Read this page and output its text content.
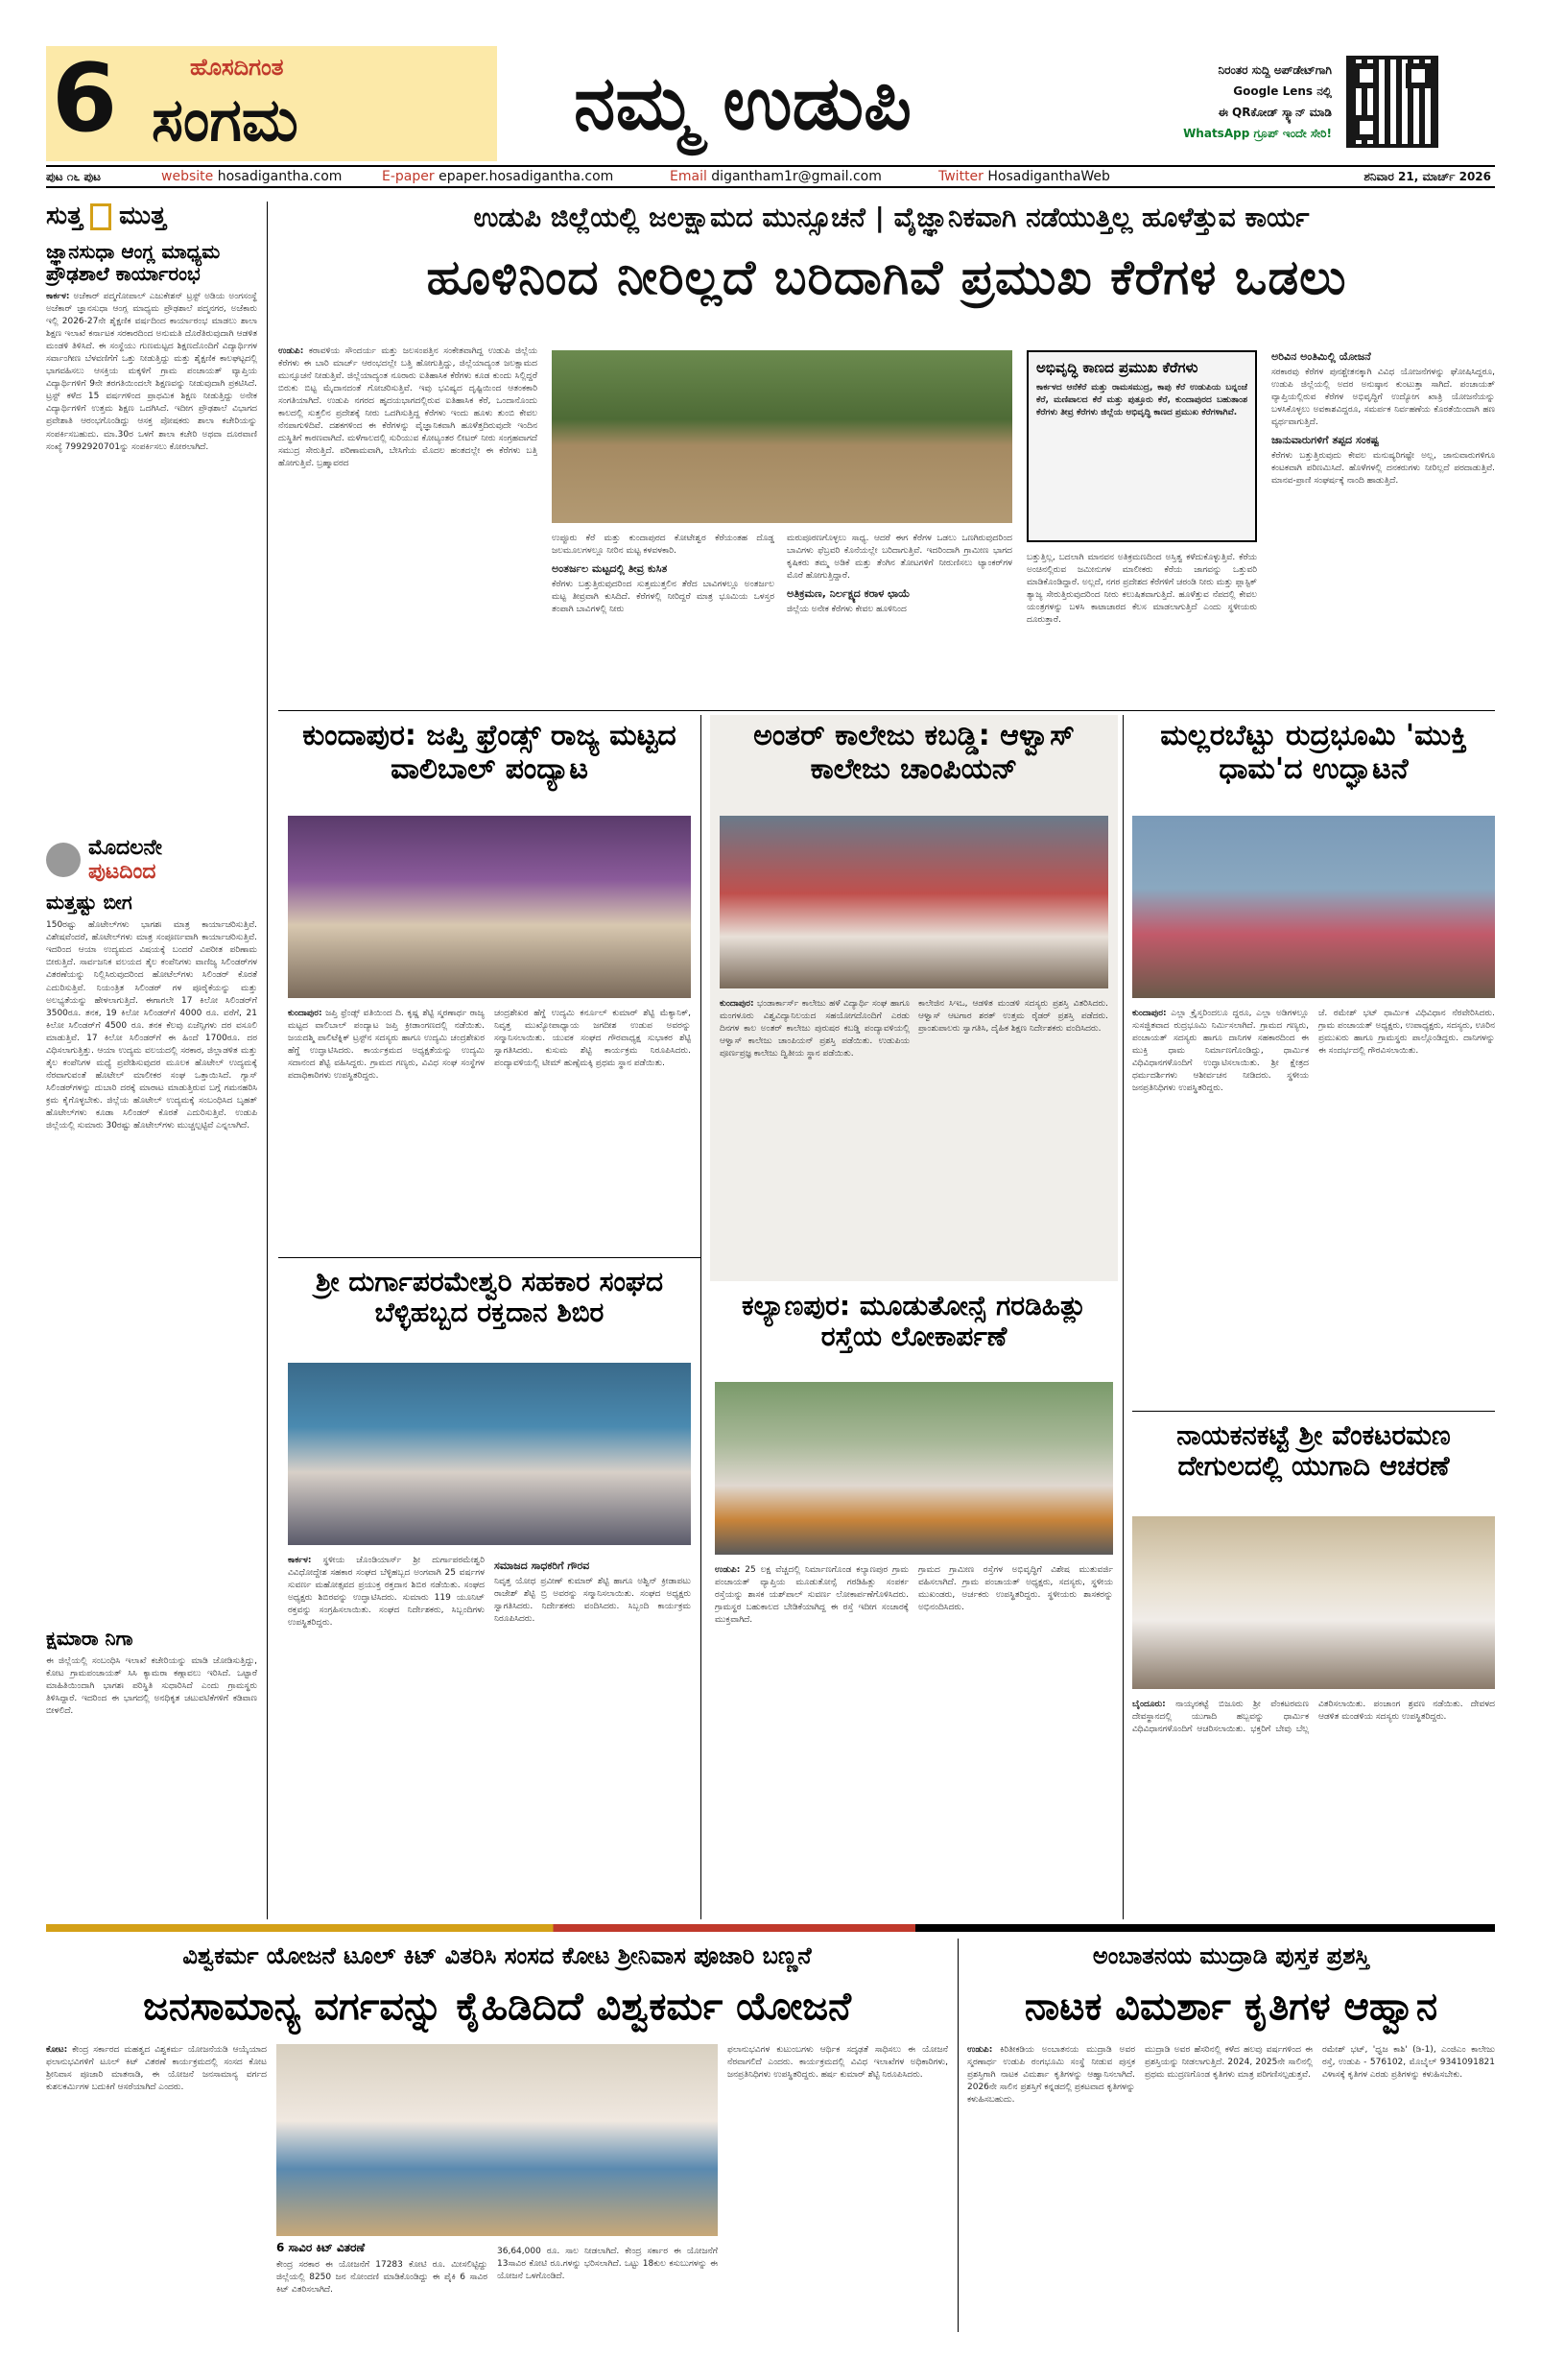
6	ಹೊಸದಿಗಂತ
ಸಂಗಮ	ನಮ್ಮ ಉಡುಪಿ	ನಿರಂತರ ಸುದ್ದಿ ಅಪ್‌ಡೇಟ್‌ಗಾಗಿ
Google Lens ನಲ್ಲಿ
ಈ QRಕೋಡ್ ಸ್ಕ್ಯಾನ್ ಮಾಡಿ
WhatsApp ಗ್ರೂಪ್ ಇಂದೇ ಸೇರಿ!
ಪುಟ ೧೬ ಪುಟ	website hosadigantha.com	E-paper epaper.hosadigantha.com	Email digantham1r@gmail.com	Twitter HosadiganthaWeb	ಶನಿವಾರ 21, ಮಾರ್ಚ್ 2026
ಸುತ್ತ ಮುತ್ತ
ಜ್ಞಾನಸುಧಾ ಆಂಗ್ಲ ಮಾಧ್ಯಮ ಪ್ರೌಢಶಾಲೆ ಕಾರ್ಯಾರಂಭ
ಕಾರ್ಕಳ: ಅಜೆಕಾರ್ ಪದ್ಮಗೋಪಾಲ್ ಎಜುಕೇಶನ್ ಟ್ರಸ್ಟ್ ಅಡಿಯ ಅಂಗಸಂಸ್ಥೆ ಅಜೆಕಾರ್ ಜ್ಞಾನಸುಧಾ ಆಂಗ್ಲ ಮಾಧ್ಯಮ ಪ್ರೌಢಶಾಲೆ ಪದ್ಮನಗರ, ಅಜೆಕಾರು ಇಲ್ಲಿ 2026-27ನೇ ಶೈಕ್ಷಣಿಕ ವರ್ಷದಿಂದ ಕಾರ್ಯಾರಂಭ ಮಾಡಲು ಶಾಲಾ ಶಿಕ್ಷಣ ಇಲಾಖೆ ಕರ್ನಾಟಕ ಸರಕಾರದಿಂದ ಅನುಮತಿ ದೊರೆತಿರುವುದಾಗಿ ಆಡಳಿತ ಮಂಡಳಿ ತಿಳಿಸಿದೆ. ಈ ಸಂಸ್ಥೆಯು ಗುಣಮಟ್ಟದ ಶಿಕ್ಷಣದೊಂದಿಗೆ ವಿದ್ಯಾರ್ಥಿಗಳ ಸರ್ವಾಂಗೀಣ ಬೆಳವಣಿಗೆಗೆ ಒತ್ತು ನೀಡುತ್ತಿದ್ದು ಮತ್ತು ಶೈಕ್ಷಣಿಕ ಕಾಲಘಟ್ಟದಲ್ಲಿ ಭಾಗವಹಿಸಲು ಆಸಕ್ತಿಯ ಮಕ್ಕಳಿಗೆ ಗ್ರಾಮ ಪಂಚಾಯತ್ ವ್ಯಾಪ್ತಿಯ ವಿದ್ಯಾರ್ಥಿಗಳಿಗೆ 9ನೇ ತರಗತಿಯಿಂದಲೇ ಶಿಕ್ಷಣವನ್ನು ನೀಡುವುದಾಗಿ ಪ್ರಕಟಿಸಿದೆ. ಟ್ರಸ್ಟ್ ಕಳೆದ 15 ವರ್ಷಗಳಿಂದ ಪ್ರಾಥಮಿಕ ಶಿಕ್ಷಣ ನೀಡುತ್ತಿದ್ದು ಅನೇಕ ವಿದ್ಯಾರ್ಥಿಗಳಿಗೆ ಉತ್ತಮ ಶಿಕ್ಷಣ ಒದಗಿಸಿದೆ. ಇದೀಗ ಪ್ರೌಢಶಾಲೆ ವಿಭಾಗದ ಪ್ರವೇಶಾತಿ ಆರಂಭಗೊಂಡಿದ್ದು ಆಸಕ್ತ ಪೋಷಕರು ಶಾಲಾ ಕಚೇರಿಯನ್ನು ಸಂಪರ್ಕಿಸಬಹುದು. ಮಾ.30ರ ಒಳಗೆ ಶಾಲಾ ಕಚೇರಿ ಅಥವಾ ದೂರವಾಣಿ ಸಂಖ್ಯೆ 7992920701ನ್ನು ಸಂಪರ್ಕಿಸಲು ಕೋರಲಾಗಿದೆ.
ಮೊದಲನೇ
ಪುಟದಿಂದ
ಮತ್ತಷ್ಟು ಬೀಗ
150ರಷ್ಟು ಹೊಟೇಲ್‌ಗಳು ಭಾಗಶಃ ಮಾತ್ರ ಕಾರ್ಯಾಚರಿಸುತ್ತಿವೆ. ವಿಶೇಷವೆಂದರೆ, ಹೊಟೇಲ್‌ಗಳು ಮಾತ್ರ ಸಂಪೂರ್ಣವಾಗಿ ಕಾರ್ಯಾಚರಿಸುತ್ತಿವೆ. ಇದರಿಂದ ಆಯಾ ಉದ್ಯಮದ ವಿಷಯಕ್ಕೆ ಬಂದರೆ ವಿಪರೀತ ಪರಿಣಾಮ ಬೀರುತ್ತಿದೆ. ಸಾರ್ವಜನಿಕ ವಲಯದ ತೈಲ ಕಂಪೆನಿಗಳು ವಾಣಿಜ್ಯ ಸಿಲಿಂಡರ್‌ಗಳ ವಿತರಣೆಯನ್ನು ನಿಲ್ಲಿಸಿರುವುದರಿಂದ ಹೋಟೆಲ್‌ಗಳು ಸಿಲಿಂಡರ್ ಕೊರತೆ ಎದುರಿಸುತ್ತಿವೆ. ನಿಯಂತ್ರಿತ ಸಿಲಿಂಡರ್ ಗಳ ಪೂರೈಕೆಯನ್ನು ಮತ್ತು ಅಲಭ್ಯತೆಯನ್ನು ಹೇಳಲಾಗುತ್ತಿದೆ. ಈಗಾಗಲೇ 17 ಕಿಲೋ ಸಿಲಿಂಡರ್‌ಗೆ 3500ರೂ. ತನಕ, 19 ಕಿಲೋ ಸಿಲಿಂಡರ್‌ಗೆ 4000 ರೂ. ವರೆಗೆ, 21 ಕಿಲೋ ಸಿಲಿಂಡರ್‌ಗೆ 4500 ರೂ. ತನಕ ಕೆಲವು ಏಜೆನ್ಸಿಗಳು ದರ ವಸೂಲಿ ಮಾಡುತ್ತಿವೆ. 17 ಕಿಲೋ ಸಿಲಿಂಡರ್‌ಗೆ ಈ ಹಿಂದೆ 1700ರೂ. ದರ ವಿಧಿಸಲಾಗುತ್ತಿತ್ತು. ಆಯಾ ಉದ್ಯಮ ವಲಯದಲ್ಲಿ ಸರಕಾರ, ಜಿಲ್ಲಾಡಳಿತ ಮತ್ತು ತೈಲ ಕಂಪೆನಿಗಳ ಮಧ್ಯೆ ಪ್ರವೇಶಿಸುವುದರ ಮೂಲಕ ಹೊಟೇಲ್ ಉದ್ಯಮಕ್ಕೆ ನೆರವಾಗುವಂತೆ ಹೊಟೇಲ್ ಮಾಲೀಕರ ಸಂಘ ಒತ್ತಾಯಿಸಿದೆ. ಗ್ಯಾಸ್ ಸಿಲಿಂಡರ್‌ಗಳನ್ನು ದುಬಾರಿ ದರಕ್ಕೆ ಮಾರಾಟ ಮಾಡುತ್ತಿರುವ ಬಗ್ಗೆ ಗಮನಹರಿಸಿ ಕ್ರಮ ಕೈಗೊಳ್ಳಬೇಕು. ಜಿಲ್ಲೆಯ ಹೊಟೇಲ್ ಉದ್ಯಮಕ್ಕೆ ಸಂಬಂಧಿಸಿದ ಬೃಹತ್ ಹೊಟೇಲ್‌ಗಳು ಕೂಡಾ ಸಿಲಿಂಡರ್ ಕೊರತೆ ಎದುರಿಸುತ್ತಿವೆ. ಉಡುಪಿ ಜಿಲ್ಲೆಯಲ್ಲಿ ಸುಮಾರು 30ರಷ್ಟು ಹೊಟೇಲ್‌ಗಳು ಮುಚ್ಚಲ್ಪಟ್ಟಿವೆ ಎನ್ನಲಾಗಿದೆ.
ಕ್ಷಮಾರಾ ನಿಗಾ
ಈ ಜಿಲ್ಲೆಯಲ್ಲಿ ಸಂಬಂಧಿಸಿ ಇಲಾಖೆ ಕಚೇರಿಯನ್ನು ಮಾಡಿ ಜೋಡಿಸುತ್ತಿದ್ದು, ಕೋಟ ಗ್ರಾಮಪಂಚಾಯತ್ ಸಿಸಿ ಕ್ಯಾಮರಾ ಕಣ್ಗಾವಲು ಇರಿಸಿದೆ. ಒಟ್ಟಾರೆ ಮಾಹಿತಿಯಿಂದಾಗಿ ಭಾಗಶಃ ಪರಿಸ್ಥಿತಿ ಸುಧಾರಿಸಿದೆ ಎಂದು ಗ್ರಾಮಸ್ಥರು ತಿಳಿಸಿದ್ದಾರೆ. ಇದರಿಂದ ಈ ಭಾಗದಲ್ಲಿ ಅನಧಿಕೃತ ಚಟುವಟಿಕೆಗಳಿಗೆ ಕಡಿವಾಣ ಬೀಳಲಿದೆ.
ಉಡುಪಿ ಜಿಲ್ಲೆಯಲ್ಲಿ ಜಲಕ್ಷಾಮದ ಮುನ್ಸೂಚನೆ | ವೈಜ್ಞಾನಿಕವಾಗಿ ನಡೆಯುತ್ತಿಲ್ಲ ಹೂಳೆತ್ತುವ ಕಾರ್ಯ
ಹೂಳಿನಿಂದ ನೀರಿಲ್ಲದೆ ಬರಿದಾಗಿವೆ ಪ್ರಮುಖ ಕೆರೆಗಳ ಒಡಲು
ಉಡುಪಿ: ಕರಾವಳಿಯ ಸೌಂದರ್ಯ ಮತ್ತು ಜಲಸಂಪತ್ತಿನ ಸಂಕೇತವಾಗಿದ್ದ ಉಡುಪಿ ಜಿಲ್ಲೆಯ ಕೆರೆಗಳು ಈ ಬಾರಿ ಮಾರ್ಚ್ ಆರಂಭದಲ್ಲೇ ಬತ್ತಿ ಹೋಗುತ್ತಿದ್ದು, ಜಿಲ್ಲೆಯಾದ್ಯಂತ ಜಲಕ್ಷಾಮದ ಮುನ್ಸೂಚನೆ ನೀಡುತ್ತಿವೆ. ಜಿಲ್ಲೆಯಾದ್ಯಂತ ನೂರಾರು ಐತಿಹಾಸಿಕ ಕೆರೆಗಳು ಕೂಡ ಕುಂದು ಸಿಲ್ಲಿದ್ದರೆ ಬಿರುಕು ಬಿಟ್ಟ ಮೈದಾನದಂತೆ ಗೋಚರಿಸುತ್ತಿವೆ. ಇವು ಭವಿಷ್ಯದ ದೃಷ್ಟಿಯಿಂದ ಆತಂಕಕಾರಿ ಸಂಗತಿಯಾಗಿದೆ. ಉಡುಪಿ ನಗರದ ಹೃದಯಭಾಗದಲ್ಲಿರುವ ಐತಿಹಾಸಿಕ ಕೆರೆ, ಒಂದಾನೊಂದು ಕಾಲದಲ್ಲಿ ಸುತ್ತಲಿನ ಪ್ರದೇಶಕ್ಕೆ ನೀರು ಒದಗಿಸುತ್ತಿದ್ದ ಕೆರೆಗಳು ಇಂದು ಹೂಳು ತುಂಬಿ ಕೇವಲ ನೆನಪಾಗುಳಿದಿವೆ. ದಶಕಗಳಿಂದ ಈ ಕೆರೆಗಳನ್ನು ವೈಜ್ಞಾನಿಕವಾಗಿ ಹೂಳೆತ್ತದಿರುವುದೇ ಇಂದಿನ ದುಸ್ಥಿತಿಗೆ ಕಾರಣವಾಗಿದೆ. ಮಳೆಗಾಲದಲ್ಲಿ ಸುರಿಯುವ ಕೋಟ್ಯಂತರ ಲೀಟರ್ ನೀರು ಸಂಗ್ರಹವಾಗದೆ ಸಮುದ್ರ ಸೇರುತ್ತಿದೆ. ಪರಿಣಾಮವಾಗಿ, ಬೇಸಿಗೆಯ ಮೊದಲ ಹಂತದಲ್ಲೇ ಈ ಕೆರೆಗಳು ಬತ್ತಿ ಹೋಗುತ್ತಿವೆ. ಬ್ರಹ್ಮಾವರದ
ಉಪ್ಪೂರು ಕೆರೆ ಮತ್ತು ಕುಂದಾಪುರದ ಕೋಟೇಶ್ವರ ಕೆರೆಯಂತಹ ದೊಡ್ಡ ಜಲಮೂಲಗಳಲ್ಲೂ ನೀರಿನ ಮಟ್ಟ ಕಳವಳಕಾರಿ.
ಅಂತರ್ಜಲ ಮಟ್ಟದಲ್ಲಿ ತೀವ್ರ ಕುಸಿತ
ಕೆರೆಗಳು ಬತ್ತುತ್ತಿರುವುದರಿಂದ ಸುತ್ತಮುತ್ತಲಿನ ತೆರೆದ ಬಾವಿಗಳಲ್ಲೂ ಅಂತರ್ಜಲ ಮಟ್ಟ ತೀವ್ರವಾಗಿ ಕುಸಿದಿದೆ. ಕೆರೆಗಳಲ್ಲಿ ನೀರಿದ್ದರೆ ಮಾತ್ರ ಭೂಮಿಯ ಒಳಸ್ತರ ತಂಪಾಗಿ ಬಾವಿಗಳಲ್ಲಿ ನೀರು
ಮರುಪೂರಣಗೊಳ್ಳಲು ಸಾಧ್ಯ. ಆದರೆ ಈಗ ಕೆರೆಗಳ ಒಡಲು ಒಣಗಿರುವುದರಿಂದ ಬಾವಿಗಳು ಫೆಬ್ರವರಿ ಕೊನೆಯಲ್ಲೇ ಬರಿದಾಗುತ್ತಿವೆ. ಇದರಿಂದಾಗಿ ಗ್ರಾಮೀಣ ಭಾಗದ ಕೃಷಿಕರು ತಮ್ಮ ಅಡಿಕೆ ಮತ್ತು ತೆಂಗಿನ ತೋಟಗಳಿಗೆ ನೀರುಣಿಸಲು ಟ್ಯಾಂಕರ್‌ಗಳ ಮೊರೆ ಹೋಗುತ್ತಿದ್ದಾರೆ.
ಅತಿಕ್ರಮಣ, ನಿರ್ಲಕ್ಷ್ಯದ ಕರಾಳ ಛಾಯೆ
ಜಿಲ್ಲೆಯ ಅನೇಕ ಕೆರೆಗಳು ಕೇವಲ ಹೂಳಿನಿಂದ
ಅಭಿವೃದ್ಧಿ ಕಾಣದ ಪ್ರಮುಖ ಕೆರೆಗಳು
ಕಾರ್ಕಳದ ಆನೆಕೆರೆ ಮತ್ತು ರಾಮಸಮುದ್ರ, ಕಾಪು ಕೆರೆ ಉಡುಪಿಯ ಬನ್ನಂಜೆ ಕೆರೆ, ಮಣಿಪಾಲದ ಕೆರೆ ಮತ್ತು ಪುತ್ತೂರು ಕೆರೆ, ಕುಂದಾಪುರದ ಬಹುತಾಂಶ ಕೆರೆಗಳು ತೀವ್ರ ಕೆರೆಗಳು ಜಿಲ್ಲೆಯ ಅಭಿವೃದ್ಧಿ ಕಾಣದ ಪ್ರಮುಖ ಕೆರೆಗಳಾಗಿವೆ.
ಬತ್ತುತ್ತಿಲ್ಲ, ಬದಲಾಗಿ ಮಾನವನ ಅತಿಕ್ರಮಣದಿಂದ ಅಸ್ತಿತ್ವ ಕಳೆದುಕೊಳ್ಳುತ್ತಿವೆ. ಕೆರೆಯ ಅಂಚಿನಲ್ಲಿರುವ ಜಮೀನುಗಳ ಮಾಲೀಕರು ಕೆರೆಯ ಜಾಗವನ್ನು ಒತ್ತುವರಿ ಮಾಡಿಕೊಂಡಿದ್ದಾರೆ. ಅಲ್ಲದೆ, ನಗರ ಪ್ರದೇಶದ ಕೆರೆಗಳಿಗೆ ಚರಂಡಿ ನೀರು ಮತ್ತು ಪ್ಲಾಸ್ಟಿಕ್ ತ್ಯಾಜ್ಯ ಸೇರುತ್ತಿರುವುದರಿಂದ ನೀರು ಕಲುಷಿತವಾಗುತ್ತಿದೆ. ಹೂಳೆತ್ತುವ ನೆಪದಲ್ಲಿ ಕೇವಲ ಯಂತ್ರಗಳನ್ನು ಬಳಸಿ ಕಾಟಾಚಾರದ ಕೆಲಸ ಮಾಡಲಾಗುತ್ತಿದೆ ಎಂದು ಸ್ಥಳೀಯರು ದೂರುತ್ತಾರೆ.
ಅರಿವಿನ ಅಂತಿಮಿಲ್ಲಿ ಯೋಜನೆ
ಸರಕಾರವು ಕೆರೆಗಳ ಪುನಶ್ಚೇತನಕ್ಕಾಗಿ ವಿವಿಧ ಯೋಜನೆಗಳನ್ನು ಘೋಷಿಸಿದ್ದರೂ, ಉಡುಪಿ ಜಿಲ್ಲೆಯಲ್ಲಿ ಅದರ ಅನುಷ್ಠಾನ ಕುಂಟುತ್ತಾ ಸಾಗಿದೆ. ಪಂಚಾಯತ್ ವ್ಯಾಪ್ತಿಯಲ್ಲಿರುವ ಕೆರೆಗಳ ಅಭಿವೃದ್ಧಿಗೆ ಉದ್ಯೋಗ ಖಾತ್ರಿ ಯೋಜನೆಯನ್ನು ಬಳಸಿಕೊಳ್ಳಲು ಅವಕಾಶವಿದ್ದರೂ, ಸಮರ್ಪಕ ನಿರ್ವಹಣೆಯ ಕೊರತೆಯಿಂದಾಗಿ ಹಣ ವ್ಯರ್ಥವಾಗುತ್ತಿದೆ.
ಜಾನುವಾರುಗಳಿಗೆ ತಪ್ಪದ ಸಂಕಷ್ಟ
ಕೆರೆಗಳು ಬತ್ತುತ್ತಿರುವುದು ಕೇವಲ ಮನುಷ್ಯರಿಗಷ್ಟೇ ಅಲ್ಲ, ಜಾನುವಾರುಗಳಿಗೂ ಕಂಟಕವಾಗಿ ಪರಿಣಮಿಸಿದೆ. ಹೊಳೆಗಳಲ್ಲಿ ದನಕರುಗಳು ನೀರಿಲ್ಲದೆ ಪರದಾಡುತ್ತಿವೆ. ಮಾನವ-ಪ್ರಾಣಿ ಸಂಘರ್ಷಕ್ಕೆ ನಾಂದಿ ಹಾಡುತ್ತಿದೆ.
ಕುಂದಾಪುರ: ಜಪ್ತಿ ಫ್ರೆಂಡ್ಸ್ ರಾಜ್ಯ ಮಟ್ಟದ ವಾಲಿಬಾಲ್ ಪಂದ್ಯಾಟ
ಕುಂದಾಪುರ: ಜಪ್ತಿ ಫ್ರೆಂಡ್ಸ್ ವತಿಯಿಂದ ದಿ. ಕೃಷ್ಣ ಶೆಟ್ಟಿ ಸ್ಮರಣಾರ್ಥ ರಾಜ್ಯ ಮಟ್ಟದ ವಾಲಿಬಾಲ್ ಪಂದ್ಯಾಟ ಜಪ್ತಿ ಕ್ರೀಡಾಂಗಣದಲ್ಲಿ ನಡೆಯಿತು. ಜಯದಶ್ಮಿ ಪಾಲಿಟೆಕ್ನಿಕ್ ಟ್ರಸ್ಟ್‌ನ ಸದಸ್ಯರು ಹಾಗೂ ಉದ್ಯಮಿ ಚಂದ್ರಶೇಖರ ಹೆಗ್ಡೆ ಉದ್ಘಾಟಿಸಿದರು. ಕಾರ್ಯಕ್ರಮದ ಅಧ್ಯಕ್ಷತೆಯನ್ನು ಉದ್ಯಮಿ ಸದಾನಂದ ಶೆಟ್ಟಿ ವಹಿಸಿದ್ದರು. ಗ್ರಾಮದ ಗಣ್ಯರು, ವಿವಿಧ ಸಂಘ ಸಂಸ್ಥೆಗಳ ಪದಾಧಿಕಾರಿಗಳು ಉಪಸ್ಥಿತರಿದ್ದರು.
ಚಂದ್ರಶೇಖರ ಹೆಗ್ಡೆ ಉದ್ಯಮಿ ಕರ್ನೂಲ್ ಕುಮಾರ್ ಶೆಟ್ಟಿ ಮೆಕ್ಯಾನಿಕ್, ನಿವೃತ್ತ ಮುಖ್ಯೋಪಾಧ್ಯಾಯ ಜಗದೀಶ ಉಡುಪ ಅವರನ್ನು ಸನ್ಮಾನಿಸಲಾಯಿತು. ಯುವಕ ಸಂಘದ ಗೌರವಾಧ್ಯಕ್ಷ ಸುಭಾಕರ ಶೆಟ್ಟಿ ಸ್ವಾಗತಿಸಿದರು. ಕುಸುಮ ಶೆಟ್ಟಿ ಕಾರ್ಯಕ್ರಮ ನಿರೂಪಿಸಿದರು. ಪಂದ್ಯಾವಳಿಯಲ್ಲಿ ಟೀಮ್ ಹುಣ್ಸೆಮಕ್ಕಿ ಪ್ರಥಮ ಸ್ಥಾನ ಪಡೆಯಿತು.
ಅಂತರ್ ಕಾಲೇಜು ಕಬಡ್ಡಿ: ಆಳ್ವಾಸ್ ಕಾಲೇಜು ಚಾಂಪಿಯನ್
ಕುಂದಾಪುರ: ಭಂಡಾರ್ಕಾರ್ಸ್ ಕಾಲೇಜು ಹಳೆ ವಿದ್ಯಾರ್ಥಿ ಸಂಘ ಹಾಗೂ ಮಂಗಳೂರು ವಿಶ್ವವಿದ್ಯಾನಿಲಯದ ಸಹಯೋಗದೊಂದಿಗೆ ಎರಡು ದಿನಗಳ ಕಾಲ ಅಂತರ್ ಕಾಲೇಜು ಪುರುಷರ ಕಬಡ್ಡಿ ಪಂದ್ಯಾವಳಿಯಲ್ಲಿ ಆಳ್ವಾಸ್ ಕಾಲೇಜು ಚಾಂಪಿಯನ್ ಪ್ರಶಸ್ತಿ ಪಡೆಯಿತು. ಉಡುಪಿಯ ಪೂರ್ಣಪ್ರಜ್ಞ ಕಾಲೇಜು ದ್ವಿತೀಯ ಸ್ಥಾನ ಪಡೆಯಿತು.
ಕಾಲೇಜಿನ ಸಿಇಒ, ಆಡಳಿತ ಮಂಡಳಿ ಸದಸ್ಯರು ಪ್ರಶಸ್ತಿ ವಿತರಿಸಿದರು. ಆಳ್ವಾಸ್ ಆಟಗಾರ ಶರತ್ ಉತ್ತಮ ರೈಡರ್ ಪ್ರಶಸ್ತಿ ಪಡೆದರು. ಪ್ರಾಂಶುಪಾಲರು ಸ್ವಾಗತಿಸಿ, ದೈಹಿಕ ಶಿಕ್ಷಣ ನಿರ್ದೇಶಕರು ವಂದಿಸಿದರು.
ಮಲ್ಲರಬೆಟ್ಟು ರುದ್ರಭೂಮಿ 'ಮುಕ್ತಿ ಧಾಮ'ದ ಉದ್ಘಾಟನೆ
ಕುಂದಾಪುರ: ಎಲ್ಲಾ ಕ್ರೈಸ್ತರಿಂದಲೂ ದ್ದರೂ, ಎಲ್ಲಾ ಅಡಿಗಳಲ್ಲೂ ಸುಸಜ್ಜಿತವಾದ ರುದ್ರಭೂಮಿ ನಿರ್ಮಿಸಲಾಗಿದೆ. ಗ್ರಾಮದ ಗಣ್ಯರು, ಪಂಚಾಯತ್ ಸದಸ್ಯರು ಹಾಗೂ ದಾನಿಗಳ ಸಹಕಾರದಿಂದ ಈ ಮುಕ್ತಿ ಧಾಮ ನಿರ್ಮಾಣಗೊಂಡಿದ್ದು, ಧಾರ್ಮಿಕ ವಿಧಿವಿಧಾನಗಳೊಂದಿಗೆ ಉದ್ಘಾಟಿಸಲಾಯಿತು. ಶ್ರೀ ಕ್ಷೇತ್ರದ ಧರ್ಮದರ್ಶಿಗಳು ಆಶೀರ್ವಚನ ನೀಡಿದರು. ಸ್ಥಳೀಯ ಜನಪ್ರತಿನಿಧಿಗಳು ಉಪಸ್ಥಿತರಿದ್ದರು.
ಜೆ. ರಮೇಶ್ ಭಟ್ ಧಾರ್ಮಿಕ ವಿಧಿವಿಧಾನ ನೆರವೇರಿಸಿದರು. ಗ್ರಾಮ ಪಂಚಾಯತ್ ಅಧ್ಯಕ್ಷರು, ಉಪಾಧ್ಯಕ್ಷರು, ಸದಸ್ಯರು, ಊರಿನ ಪ್ರಮುಖರು ಹಾಗೂ ಗ್ರಾಮಸ್ಥರು ಪಾಲ್ಗೊಂಡಿದ್ದರು. ದಾನಿಗಳನ್ನು ಈ ಸಂದರ್ಭದಲ್ಲಿ ಗೌರವಿಸಲಾಯಿತು.
ಶ್ರೀ ದುರ್ಗಾಪರಮೇಶ್ವರಿ ಸಹಕಾರ ಸಂಘದ ಬೆಳ್ಳಿಹಬ್ಬದ ರಕ್ತದಾನ ಶಿಬಿರ
ಕಾರ್ಕಳ: ಸ್ಥಳೀಯ ಚೊಂಡಿಯಾರ್ಸ್ ಶ್ರೀ ದುರ್ಗಾಪರಮೇಶ್ವರಿ ವಿವಿಧೋದ್ದೇಶ ಸಹಕಾರ ಸಂಘದ ಬೆಳ್ಳಿಹಬ್ಬದ ಅಂಗವಾಗಿ 25 ವರ್ಷಗಳ ಸುವರ್ಣ ಮಹೋತ್ಸವದ ಪ್ರಯುಕ್ತ ರಕ್ತದಾನ ಶಿಬಿರ ನಡೆಯಿತು. ಸಂಘದ ಅಧ್ಯಕ್ಷರು ಶಿಬಿರವನ್ನು ಉದ್ಘಾಟಿಸಿದರು. ಸುಮಾರು 119 ಯೂನಿಟ್ ರಕ್ತವನ್ನು ಸಂಗ್ರಹಿಸಲಾಯಿತು. ಸಂಘದ ನಿರ್ದೇಶಕರು, ಸಿಬ್ಬಂದಿಗಳು ಉಪಸ್ಥಿತರಿದ್ದರು.
ಸಮಾಜದ ಸಾಧಕರಿಗೆ ಗೌರವ
ನಿವೃತ್ತ ಯೋಧ ಪ್ರವೀಣ್ ಕುಮಾರ್ ಶೆಟ್ಟಿ ಹಾಗೂ ಅಶ್ವಿನ್ ಕ್ರೀಡಾಪಟು ರಾಜೇಶ್ ಶೆಟ್ಟಿ ಬ್ರಿ ಅವರನ್ನು ಸನ್ಮಾನಿಸಲಾಯಿತು. ಸಂಘದ ಅಧ್ಯಕ್ಷರು ಸ್ವಾಗತಿಸಿದರು. ನಿರ್ದೇಶಕರು ವಂದಿಸಿದರು. ಸಿಬ್ಬಂದಿ ಕಾರ್ಯಕ್ರಮ ನಿರೂಪಿಸಿದರು.
ಕಲ್ಯಾಣಪುರ: ಮೂಡುತೋನ್ಸೆ ಗರಡಿಹಿತ್ಲು ರಸ್ತೆಯ ಲೋಕಾರ್ಪಣೆ
ಉಡುಪಿ: 25 ಲಕ್ಷ ವೆಚ್ಚದಲ್ಲಿ ನಿರ್ಮಾಣಗೊಂಡ ಕಲ್ಯಾಣಪುರ ಗ್ರಾಮ ಪಂಚಾಯತ್ ವ್ಯಾಪ್ತಿಯ ಮೂಡುತೋನ್ಸೆ ಗರಡಿಹಿತ್ಲು ಸಂಪರ್ಕ ರಸ್ತೆಯನ್ನು ಶಾಸಕ ಯಶ್‌ಪಾಲ್ ಸುವರ್ಣ ಲೋಕಾರ್ಪಣೆಗೊಳಿಸಿದರು. ಗ್ರಾಮಸ್ಥರ ಬಹುಕಾಲದ ಬೇಡಿಕೆಯಾಗಿದ್ದ ಈ ರಸ್ತೆ ಇದೀಗ ಸಂಚಾರಕ್ಕೆ ಮುಕ್ತವಾಗಿದೆ.
ಗ್ರಾಮದ ಗ್ರಾಮೀಣ ರಸ್ತೆಗಳ ಅಭಿವೃದ್ಧಿಗೆ ವಿಶೇಷ ಮುತುವರ್ಜಿ ವಹಿಸಲಾಗಿದೆ. ಗ್ರಾಮ ಪಂಚಾಯತ್ ಅಧ್ಯಕ್ಷರು, ಸದಸ್ಯರು, ಸ್ಥಳೀಯ ಮುಖಂಡರು, ಅರ್ಚಕರು ಉಪಸ್ಥಿತರಿದ್ದರು. ಸ್ಥಳೀಯರು ಶಾಸಕರನ್ನು ಅಭಿನಂದಿಸಿದರು.
ನಾಯಕನಕಟ್ಟೆ ಶ್ರೀ ವೆಂಕಟರಮಣ ದೇಗುಲದಲ್ಲಿ ಯುಗಾದಿ ಆಚರಣೆ
ಬೈಂದೂರು: ನಾಯ್ಕನಕಟ್ಟೆ ಬಿಜೂರು ಶ್ರೀ ವೆಂಕಟರಮಣ ದೇವಸ್ಥಾನದಲ್ಲಿ ಯುಗಾದಿ ಹಬ್ಬವನ್ನು ಧಾರ್ಮಿಕ ವಿಧಿವಿಧಾನಗಳೊಂದಿಗೆ ಆಚರಿಸಲಾಯಿತು. ಭಕ್ತರಿಗೆ ಬೇವು ಬೆಲ್ಲ ವಿತರಿಸಲಾಯಿತು. ಪಂಚಾಂಗ ಶ್ರವಣ ನಡೆಯಿತು. ದೇವಳದ ಆಡಳಿತ ಮಂಡಳಿಯ ಸದಸ್ಯರು ಉಪಸ್ಥಿತರಿದ್ದರು.
ವಿಶ್ವಕರ್ಮ ಯೋಜನೆ ಟೂಲ್ ಕಿಟ್ ವಿತರಿಸಿ ಸಂಸದ ಕೋಟ ಶ್ರೀನಿವಾಸ ಪೂಜಾರಿ ಬಣ್ಣನೆ
ಜನಸಾಮಾನ್ಯ ವರ್ಗವನ್ನು ಕೈಹಿಡಿದಿದೆ ವಿಶ್ವಕರ್ಮ ಯೋಜನೆ
ಕೋಟ: ಕೇಂದ್ರ ಸರ್ಕಾರದ ಮಹತ್ವದ ವಿಶ್ವಕರ್ಮ ಯೋಜನೆಯಡಿ ಆಯ್ಕೆಯಾದ ಫಲಾನುಭವಿಗಳಿಗೆ ಟೂಲ್ ಕಿಟ್ ವಿತರಣೆ ಕಾರ್ಯಕ್ರಮದಲ್ಲಿ ಸಂಸದ ಕೋಟ ಶ್ರೀನಿವಾಸ ಪೂಜಾರಿ ಮಾತನಾಡಿ, ಈ ಯೋಜನೆ ಜನಸಾಮಾನ್ಯ ವರ್ಗದ ಕುಶಲಕರ್ಮಿಗಳ ಬದುಕಿಗೆ ಆಸರೆಯಾಗಿದೆ ಎಂದರು.
6 ಸಾವಿರ ಕಿಟ್ ವಿತರಣೆ
ಕೇಂದ್ರ ಸರಕಾರ ಈ ಯೋಜನೆಗೆ 17283 ಕೋಟಿ ರೂ. ಮೀಸಲಿಟ್ಟಿದ್ದು ಜಿಲ್ಲೆಯಲ್ಲಿ 8250 ಜನ ನೋಂದಣಿ ಮಾಡಿಕೊಂಡಿದ್ದು ಈ ಪೈಕಿ 6 ಸಾವಿರ ಕಿಟ್ ವಿತರಿಸಲಾಗಿದೆ.
36,64,000 ರೂ. ಸಾಲ ನೀಡಲಾಗಿದೆ. ಕೇಂದ್ರ ಸರ್ಕಾರ ಈ ಯೋಜನೆಗೆ 13ಸಾವಿರ ಕೋಟಿ ರೂ.ಗಳನ್ನು ಭರಿಸಲಾಗಿದೆ. ಒಟ್ಟು 18ಕುಲ ಕಸುಬುಗಳನ್ನು ಈ ಯೋಜನೆ ಒಳಗೊಂಡಿದೆ.
ಫಲಾನುಭವಿಗಳ ಕುಟುಂಬಗಳು ಆರ್ಥಿಕ ಸದೃಢತೆ ಸಾಧಿಸಲು ಈ ಯೋಜನೆ ನೆರವಾಗಲಿದೆ ಎಂದರು. ಕಾರ್ಯಕ್ರಮದಲ್ಲಿ ವಿವಿಧ ಇಲಾಖೆಗಳ ಅಧಿಕಾರಿಗಳು, ಜನಪ್ರತಿನಿಧಿಗಳು ಉಪಸ್ಥಿತರಿದ್ದರು. ಹರ್ಷ ಕುಮಾರ್ ಶೆಟ್ಟಿ ನಿರೂಪಿಸಿದರು.
ಅಂಬಾತನಯ ಮುದ್ರಾಡಿ ಪುಸ್ತಕ ಪ್ರಶಸ್ತಿ
ನಾಟಕ ವಿಮರ್ಶಾ ಕೃತಿಗಳ ಆಹ್ವಾನ
ಉಡುಪಿ: ಕಿರಿತೀಕಡಿಯ ಅಂಬಾತನಯ ಮುದ್ರಾಡಿ ಅವರ ಸ್ಮರಣಾರ್ಥ ಉಡುಪಿ ರಂಗಭೂಮಿ ಸಂಸ್ಥೆ ನೀಡುವ ಪುಸ್ತಕ ಪ್ರಶಸ್ತಿಗಾಗಿ ನಾಟಕ ವಿಮರ್ಶಾ ಕೃತಿಗಳನ್ನು ಆಹ್ವಾನಿಸಲಾಗಿದೆ. 2026ನೇ ಸಾಲಿನ ಪ್ರಶಸ್ತಿಗೆ ಕನ್ನಡದಲ್ಲಿ ಪ್ರಕಟವಾದ ಕೃತಿಗಳನ್ನು ಕಳುಹಿಸಬಹುದು.
ಮುದ್ರಾಡಿ ಅವರ ಹೆಸರಿನಲ್ಲಿ ಕಳೆದ ಹಲವು ವರ್ಷಗಳಿಂದ ಈ ಪ್ರಶಸ್ತಿಯನ್ನು ನೀಡಲಾಗುತ್ತಿದೆ. 2024, 2025ನೇ ಸಾಲಿನಲ್ಲಿ ಪ್ರಥಮ ಮುದ್ರಣಗೊಂಡ ಕೃತಿಗಳು ಮಾತ್ರ ಪರಿಗಣಿಸಲ್ಪಡುತ್ತವೆ.
ರಮೇಶ್ ಭಟ್, 'ಧ್ವಜ ಕಾಶಿ' (ಡಿ-1), ಎಂಜಿಎಂ ಕಾಲೇಜು ರಸ್ತೆ, ಉಡುಪಿ - 576102, ಮೊಬೈಲ್ 9341091821 ವಿಳಾಸಕ್ಕೆ ಕೃತಿಗಳ ಎರಡು ಪ್ರತಿಗಳನ್ನು ಕಳುಹಿಸಬೇಕು.
